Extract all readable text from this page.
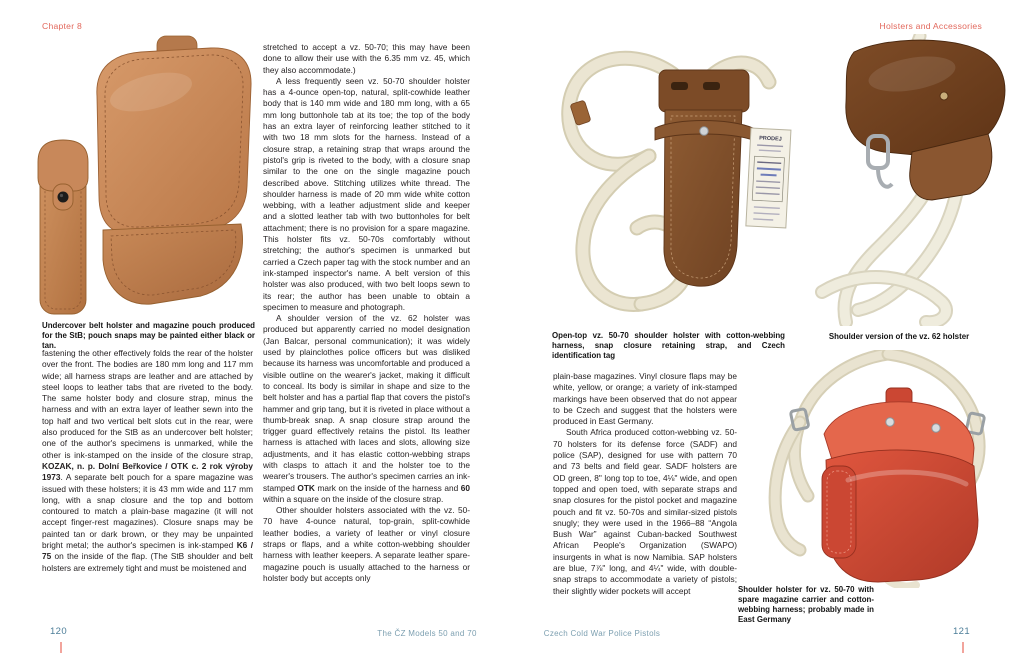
Chapter 8	Holsters and Accessories
Undercover belt holster and magazine pouch produced for the StB; pouch snaps may be painted either black or tan.

fastening the other effectively folds the rear of the holster over the front. The bodies are 180 mm long and 117 mm wide; all harness straps are leather and are attached by steel loops to leather tabs that are riveted to the body. The same holster body and closure strap, minus the harness and with an extra layer of leather sewn into the top half and two vertical belt slots cut in the rear, were also produced for the StB as an undercover belt holster; one of the author's specimens is unmarked, while the other is ink-stamped on the inside of the closure strap, KOZAK, n. p. Dolní Beřkovice / OTK c. 2 rok výroby 1973. A separate belt pouch for a spare magazine was issued with these holsters; it is 43 mm wide and 117 mm long, with a snap closure and the top and bottom contoured to match a plain-base magazine (it will not accept finger-rest magazines). Closure snaps may be painted tan or dark brown, or they may be unpainted bright metal; the author's specimen is ink-stamped K6 / 75 on the inside of the flap. (The StB shoulder and belt holsters are extremely tight and must be moistened and

stretched to accept a vz. 50-70; this may have been done to allow their use with the 6.35 mm vz. 45, which they also accommodate.)

A less frequently seen vz. 50-70 shoulder holster has a 4-ounce open-top, natural, split-cowhide leather body that is 140 mm wide and 180 mm long, with a 65 mm long buttonhole tab at its toe; the top of the body has an extra layer of reinforcing leather stitched to it with two 18 mm slots for the harness. Instead of a closure strap, a retaining strap that wraps around the pistol's grip is riveted to the body, with a closure snap similar to the one on the single magazine pouch described above. Stitching utilizes white thread. The shoulder harness is made of 20 mm wide white cotton webbing, with a leather adjustment slide and keeper and a slotted leather tab with two buttonholes for belt attachment; there is no provision for a spare magazine. This holster fits vz. 50-70s comfortably without stretching; the author's specimen is unmarked but carried a Czech paper tag with the stock number and an ink-stamped inspector's name. A belt version of this holster was also produced, with two belt loops sewn to its rear; the author has been unable to obtain a specimen to measure and photograph.

A shoulder version of the vz. 62 holster was produced but apparently carried no model designation (Jan Balcar, personal communication); it was widely used by plainclothes police officers but was disliked because its harness was uncomfortable and produced a visible outline on the wearer's jacket, making it difficult to conceal. Its body is similar in shape and size to the belt holster and has a partial flap that covers the pistol's hammer and grip tang, but it is riveted in place without a thumb-break snap. A snap closure strap around the trigger guard effectively retains the pistol. Its leather harness is attached with laces and slots, allowing size adjustments, and it has elastic cotton-webbing straps with clasps to attach it and the holster toe to the wearer's trousers. The author's specimen carries an ink-stamped OTK mark on the inside of the harness and 60 within a square on the inside of the closure strap.

Other shoulder holsters associated with the vz. 50-70 have 4-ounce natural, top-grain, split-cowhide leather bodies, a variety of leather or vinyl closure straps or flaps, and a white cotton-webbing shoulder harness with leather keepers. A separate leather spare-magazine pouch is usually attached to the harness or holster body but accepts only

PRODEJ
Open-top vz. 50-70 shoulder holster with cotton-webbing harness, snap closure retaining strap, and Czech identification tag
Shoulder version of the vz. 62 holster
Shoulder holster for vz. 50-70 with spare magazine carrier and cotton-webbing harness; probably made in East Germany

plain-base magazines. Vinyl closure flaps may be white, yellow, or orange; a variety of ink-stamped markings have been observed that do not appear to be Czech and suggest that the holsters were produced in East Germany.

South Africa produced cotton-webbing vz. 50-70 holsters for its defense force (SADF) and police (SAP), designed for use with pattern 70 and 73 belts and field gear. SADF holsters are OD green, 8" long top to toe, 4⅛" wide, and open topped and open toed, with separate straps and snap closures for the pistol pocket and magazine pouch and fit vz. 50-70s and similar-sized pistols snugly; they were used in the 1966–88 “Angola Bush War” against Cuban-backed Southwest African People's Organization (SWAPO) insurgents in what is now Namibia. SAP holsters are blue, 7⅞" long, and 4¼" wide, with double-snap straps to accommodate a variety of pistols; their slightly wider pockets will accept

120	The ČZ Models 50 and 70	Czech Cold War Police Pistols	121
